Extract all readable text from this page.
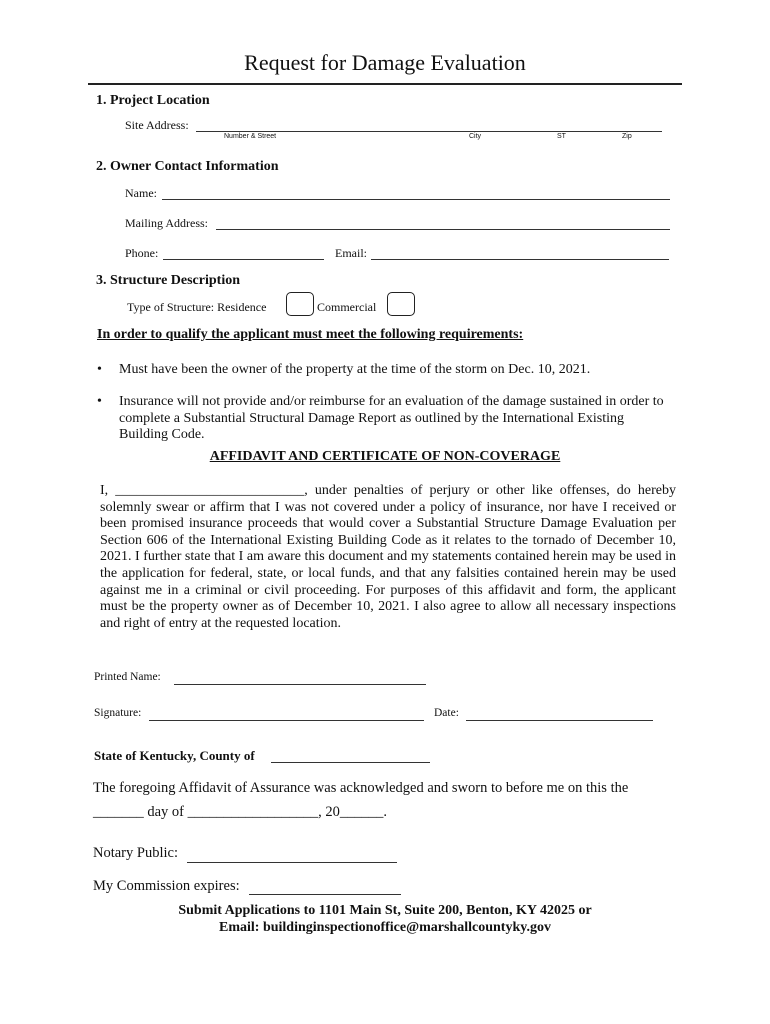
Request for Damage Evaluation
1. Project Location
Site Address:
Number & Street	City	ST	Zip
2. Owner Contact Information
Name:
Mailing Address:
Phone:	Email:
3. Structure Description
Type of Structure: Residence	Commercial
In order to qualify the applicant must meet the following requirements:
• Must have been the owner of the property at the time of the storm on Dec. 10, 2021.
• Insurance will not provide and/or reimburse for an evaluation of the damage sustained in order to complete a Substantial Structural Damage Report as outlined by the International Existing Building Code.
AFFIDAVIT AND CERTIFICATE OF NON-COVERAGE
I, ___________________________, under penalties of perjury or other like offenses, do hereby solemnly swear or affirm that I was not covered under a policy of insurance, nor have I received or been promised insurance proceeds that would cover a Substantial Structure Damage Evaluation per Section 606 of the International Existing Building Code as it relates to the tornado of December 10, 2021. I further state that I am aware this document and my statements contained herein may be used in the application for federal, state, or local funds, and that any falsities contained herein may be used against me in a criminal or civil proceeding. For purposes of this affidavit and form, the applicant must be the property owner as of December 10, 2021. I also agree to allow all necessary inspections and right of entry at the requested location.
Printed Name:
Signature:	Date:
State of Kentucky, County of
The foregoing Affidavit of Assurance was acknowledged and sworn to before me on this the
_______ day of __________________, 20______.
Notary Public:
My Commission expires:
Submit Applications to 1101 Main St, Suite 200, Benton, KY 42025 or
Email: buildinginspectionoffice@marshallcountyky.gov
